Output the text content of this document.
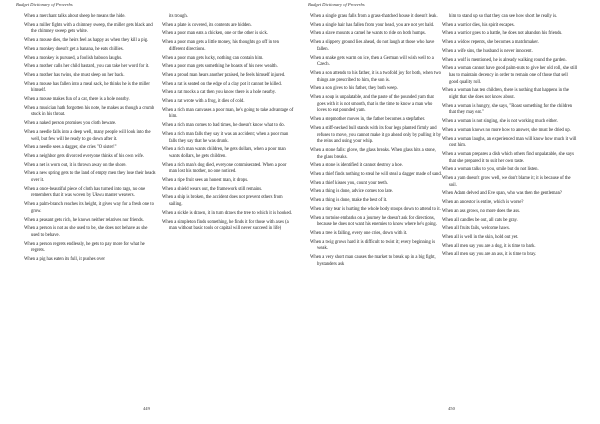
Budget Dictionary of Proverbs
When a merchant talks about sheep he means the hide.
When a miller fights with a chimney sweep, the miller gets black and the chimney sweep gets white.
When a mouse dies, the heirs feel as happy as when they kill a pig.
When a monkey doesn't get a banana, he eats chillies.
When a monkey is pursued, a foolish baboon laughs.
When a mother calls her child bastard, you can take her word for it.
When a mother has twins, she must sleep on her back.
When a mouse has fallen into a meal sack, he thinks he is the miller himself.
When a mouse makes fun of a cat, there is a hole nearby.
When a musician hath forgotten his note, he makes as though a crumb stuck in his throat.
When a naked person promises you cloth beware.
When a needle falls into a deep well, many people will look into the well, but few will be ready to go down after it.
When a needle sees a dagger, she cries "O sister!"
When a neighbor gets divorced everyone thinks of his own wife.
When a net is worn out, it is thrown away on the shore.
When a new spring gets to the land of empty men they lose their heads over it.
When a once-beautiful piece of cloth has turned into rags, no one remembers that it was woven by Ukwu master weavers.
When a palm-branch reaches its height, it gives way for a fresh one to grow.
When a peasant gets rich, he knows neither relatives nor friends.
When a person is not as she used to be, she does not behave as she used to behave.
When a person regrets endlessly, he gets to pay more for what he regrets.
When a pig has eaten its full, it pushes over
its trough.
When a plate is covered, its contents are hidden.
When a poor man eats a chicken, one or the other is sick.
When a poor man gets a little money, his thoughts go off in ten different directions.
When a poor man gets lucky, nothing can contain him.
When a poor man gets something he boasts of his new wealth.
When a proud man hears another praised, he feels himself injured.
When a rat is seated on the edge of a clay pot it cannot be killed.
When a rat mocks a cat then you know there is a hole nearby.
When a rat wrote with a frog, it dies of cold.
When a rich man canvases a poor man, he's going to take advantage of him.
When a rich man comes to bad times, he doesn't know what to do.
When a rich man falls they say it was an accident; when a poor man falls they say that he was drunk.
When a rich man wants children, he gets dollars, when a poor man wants dollars, he gets children.
When a rich man's dog died, everyone commiserated. When a poor man lost his mother, no one noticed.
When a ripe fruit sees an honest man, it drops.
When a shield wears out, the framework still remains.
When a ship is broken, the accident does not prevent others from sailing.
When a sickle is drawn, it in turn draws the tree to which it is hooked.
When a simpleton finds something, he finds it for those with axes (a man without basic tools or capital will never succeed in life)
449
Budget Dictionary of Proverbs
When a single grass falls from a grass-thatched house it doesn't leak.
When a single hair has fallen from your head, you are not yet bald.
When a slave mounts a camel he wants to ride on both humps.
When a slippery ground lies ahead, do not laugh at those who have fallen.
When a snake gets warm on ice, then a German will wish well to a Czech.
When a son attends to his father, it is a twofold joy for both, when two things are prescribed to him, the son is.
When a son gives to his father, they both weep.
When a soup is unpalatable, and the paste of the pounded yam that goes with it is not smooth, that is the time to know a man who loves to eat pounded yam.
When a stepmother moves in, the father becomes a stepfather.
When a stiff-necked bull stands with its four legs planted firmly and refuses to move, you cannot make it go ahead only by pulling it by the reins and using your whip.
When a stone falls: glove, the glass breaks. When glass hits a stone, the glass breaks.
When a stone is identified it cannot destroy a hoe.
When a thief finds nothing to steal he will steal a dagger made of sand.
When a thief kisses you, count your teeth.
When a thing is done, advice comes too late.
When a thing is done, make the best of it.
When a tiny tear is hurting the whole body stoops down to attend to it.
When a tortoise embarks on a journey he doesn't ask for directions, because he does not want his enemies to know where he's going.
When a tree is falling, every one cries, down with it.
When a twig grows hard it is difficult to twist it; every beginning is weak.
When a very short man causes the market to break up in a big fight, bystanders ask
him to stand up so that they can see how short he really is.
When a warrior dies, his spirit escapes.
When a warrior goes to a battle, he does not abandon his friends.
When a widow repents, she becomes a matchmaker.
When a wife sins, the husband is never innocent.
When a wolf is mentioned, he is already walking round the garden.
When a woman cannot have good palm-nuts to give her old roll, she still has to maintain decency in order to remain one of those that sell good quality roll.
When a woman has ten children, there is nothing that happens in the night that she does not know about.
When a woman is hungry, she says, "Roast something for the children that they may eat."
When a woman is not singing, she is not working much either.
When a woman knows no more how to answer, she must be dried up.
When a woman laughs, an experienced man will know how much it will cost him.
When a woman prepares a dish which others find unpalatable, she says that she prepared it to suit her own taste.
When a woman talks to you, smile but do not listen.
When a yam doesn't grow well, we don't blame it; it is because of the soil.
When Adam delved and Eve span, who was then the gentleman?
When an ancestor is entire, which is worse?
When an ass grows, no more does the ass.
When all candles be out, all cats be gray.
When all fruits fails, welcome haws.
When all is well in the skin, hold out yet.
When all men say you are a dog, it is time to bark.
When all men say you are an ass, it is time to bray.
450
